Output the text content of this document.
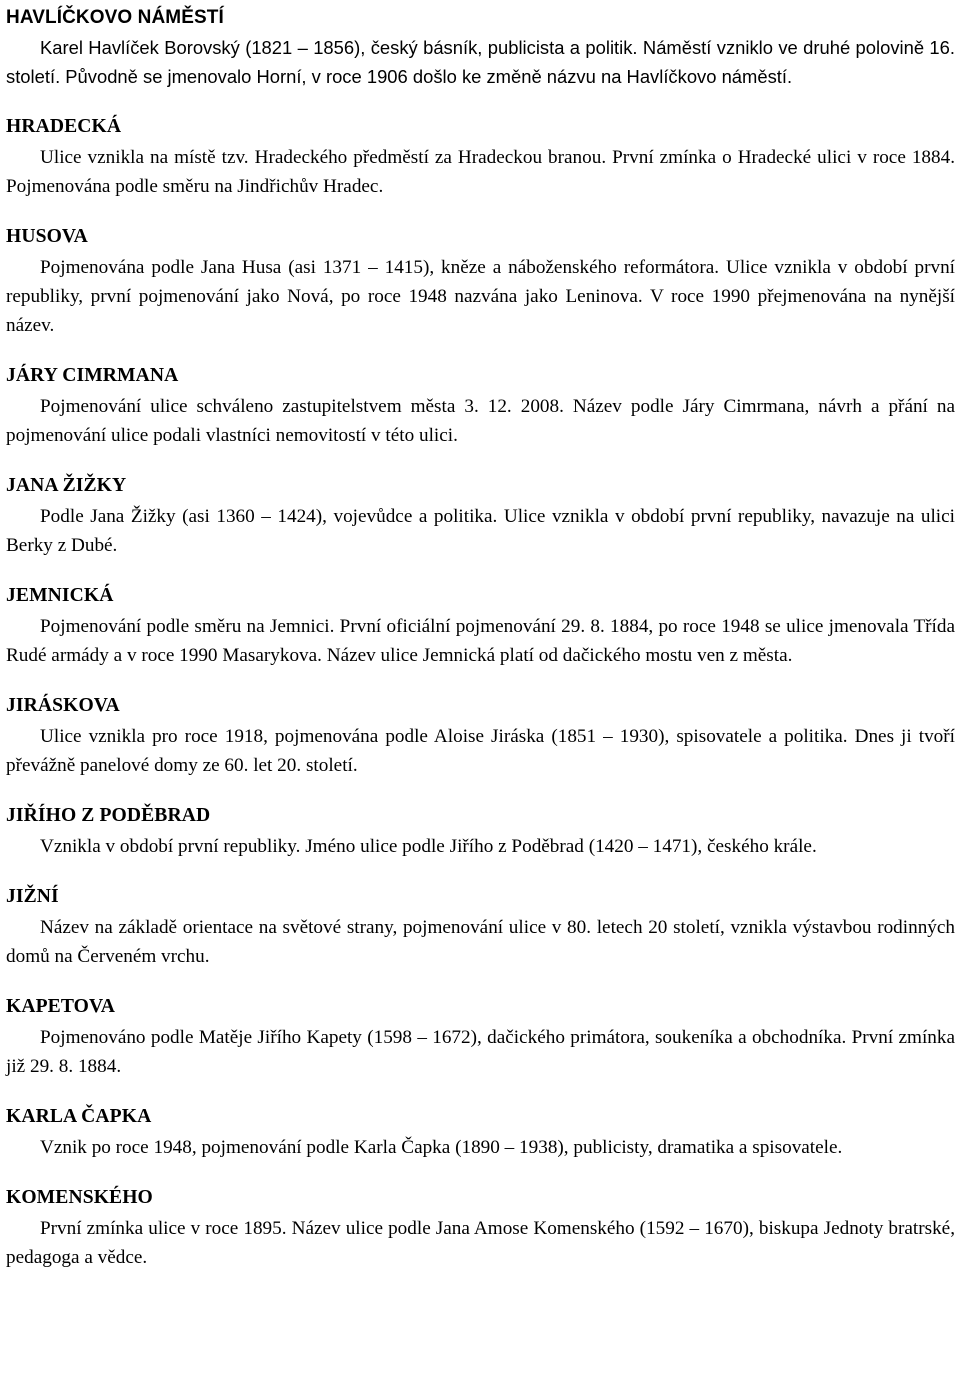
HAVLÍČKOVO NÁMĚSTÍ

Karel Havlíček Borovský (1821 – 1856), český básník, publicista a politik. Náměstí vzniklo ve druhé polovině 16. století. Původně se jmenovalo Horní, v roce 1906 došlo ke změně názvu na Havlíčkovo náměstí.

HRADECKÁ

Ulice vznikla na místě tzv. Hradeckého předměstí za Hradeckou branou. První zmínka o Hradecké ulici v roce 1884. Pojmenována podle směru na Jindřichův Hradec.

HUSOVA

Pojmenována podle Jana Husa (asi 1371 – 1415), kněze a náboženského reformátora. Ulice vznikla v období první republiky, první pojmenování jako Nová, po roce 1948 nazvána jako Leninova. V roce 1990 přejmenována na nynější název.

JÁRY CIMRMANA

Pojmenování ulice schváleno zastupitelstvem města 3. 12. 2008. Název podle Járy Cimrmana, návrh a přání na pojmenování ulice podali vlastníci nemovitostí v této ulici.

JANA ŽIŽKY

Podle Jana Žižky (asi 1360 – 1424), vojevůdce a politika. Ulice vznikla v období první republiky, navazuje na ulici Berky z Dubé.

JEMNICKÁ

Pojmenování podle směru na Jemnici. První oficiální pojmenování 29. 8. 1884, po roce 1948 se ulice jmenovala Třída Rudé armády a v roce 1990 Masarykova. Název ulice Jemnická platí od dačického mostu ven z města.

JIRÁSKOVA

Ulice vznikla pro roce 1918, pojmenována podle Aloise Jiráska (1851 – 1930), spisovatele a politika. Dnes ji tvoří převážně panelové domy ze 60. let 20. století.

JIŘÍHO Z PODĚBRAD

Vznikla v období první republiky. Jméno ulice podle Jiřího z Poděbrad (1420 – 1471), českého krále.

JIŽNÍ

Název na základě orientace na světové strany, pojmenování ulice v 80. letech 20 století, vznikla výstavbou rodinných domů na Červeném vrchu.

KAPETOVA

Pojmenováno podle Matěje Jiřího Kapety (1598 – 1672), dačického primátora, soukeníka a obchodníka. První zmínka již 29. 8. 1884.

KARLA ČAPKA

Vznik po roce 1948, pojmenování podle Karla Čapka (1890 – 1938), publicisty, dramatika a spisovatele.

KOMENSKÉHO

První zmínka ulice v roce 1895. Název ulice podle Jana Amose Komenského (1592 – 1670), biskupa Jednoty bratrské, pedagoga a vědce.
